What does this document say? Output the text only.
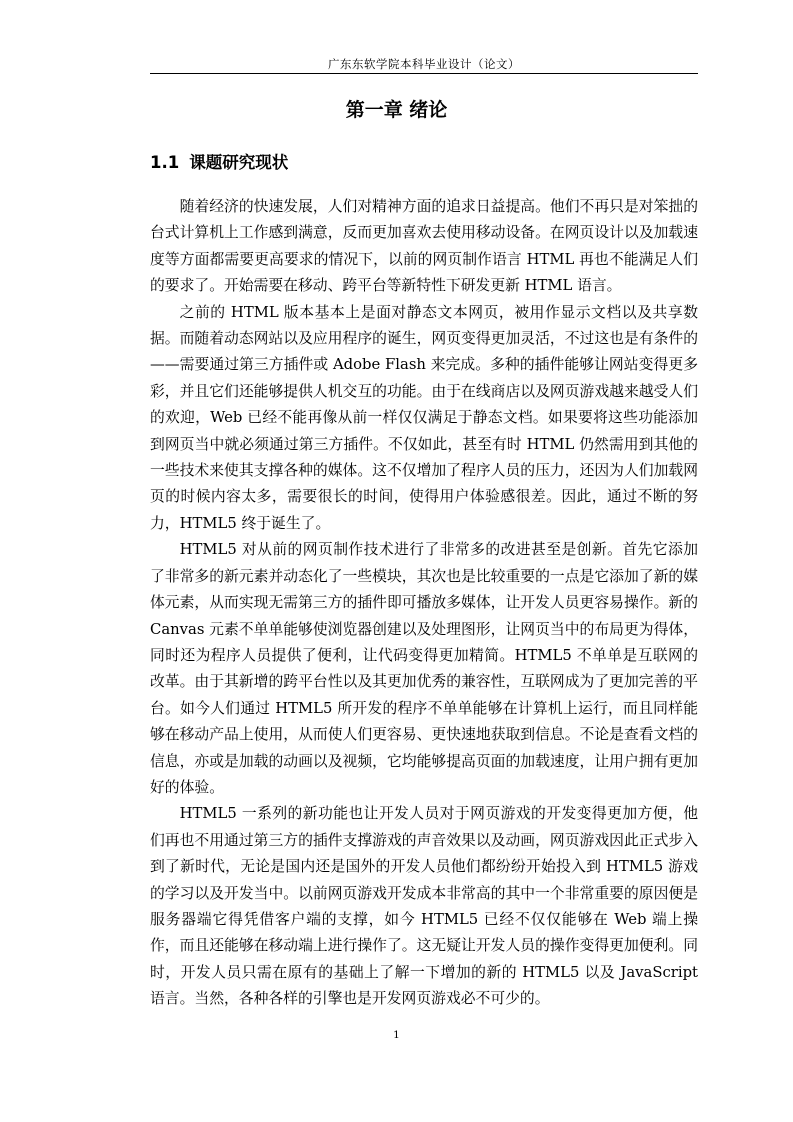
广东东软学院本科毕业设计（论文）
第一章 绪论
1.1 课题研究现状

随着经济的快速发展，人们对精神方面的追求日益提高。他们不再只是对笨拙的台式计算机上工作感到满意，反而更加喜欢去使用移动设备。在网页设计以及加载速度等方面都需要更高要求的情况下，以前的网页制作语言 HTML 再也不能满足人们的要求了。开始需要在移动、跨平台等新特性下研发更新 HTML 语言。

之前的 HTML 版本基本上是面对静态文本网页，被用作显示文档以及共享数据。而随着动态网站以及应用程序的诞生，网页变得更加灵活，不过这也是有条件的——需要通过第三方插件或 Adobe Flash 来完成。多种的插件能够让网站变得更多彩，并且它们还能够提供人机交互的功能。由于在线商店以及网页游戏越来越受人们的欢迎，Web 已经不能再像从前一样仅仅满足于静态文档。如果要将这些功能添加到网页当中就必须通过第三方插件。不仅如此，甚至有时 HTML 仍然需用到其他的一些技术来使其支撑各种的媒体。这不仅增加了程序人员的压力，还因为人们加载网页的时候内容太多，需要很长的时间，使得用户体验感很差。因此，通过不断的努力，HTML5 终于诞生了。

HTML5 对从前的网页制作技术进行了非常多的改进甚至是创新。首先它添加了非常多的新元素并动态化了一些模块，其次也是比较重要的一点是它添加了新的媒体元素，从而实现无需第三方的插件即可播放多媒体，让开发人员更容易操作。新的 Canvas 元素不单单能够使浏览器创建以及处理图形，让网页当中的布局更为得体，同时还为程序人员提供了便利，让代码变得更加精简。HTML5 不单单是互联网的改革。由于其新增的跨平台性以及其更加优秀的兼容性，互联网成为了更加完善的平台。如今人们通过 HTML5 所开发的程序不单单能够在计算机上运行，而且同样能够在移动产品上使用，从而使人们更容易、更快速地获取到信息。不论是查看文档的信息，亦或是加载的动画以及视频，它均能够提高页面的加载速度，让用户拥有更加好的体验。

HTML5 一系列的新功能也让开发人员对于网页游戏的开发变得更加方便，他们再也不用通过第三方的插件支撑游戏的声音效果以及动画，网页游戏因此正式步入到了新时代，无论是国内还是国外的开发人员他们都纷纷开始投入到 HTML5 游戏的学习以及开发当中。以前网页游戏开发成本非常高的其中一个非常重要的原因便是服务器端它得凭借客户端的支撑，如今 HTML5 已经不仅仅能够在 Web 端上操作，而且还能够在移动端上进行操作了。这无疑让开发人员的操作变得更加便利。同时，开发人员只需在原有的基础上了解一下增加的新的 HTML5 以及 JavaScript 语言。当然，各种各样的引擎也是开发网页游戏必不可少的。

1
